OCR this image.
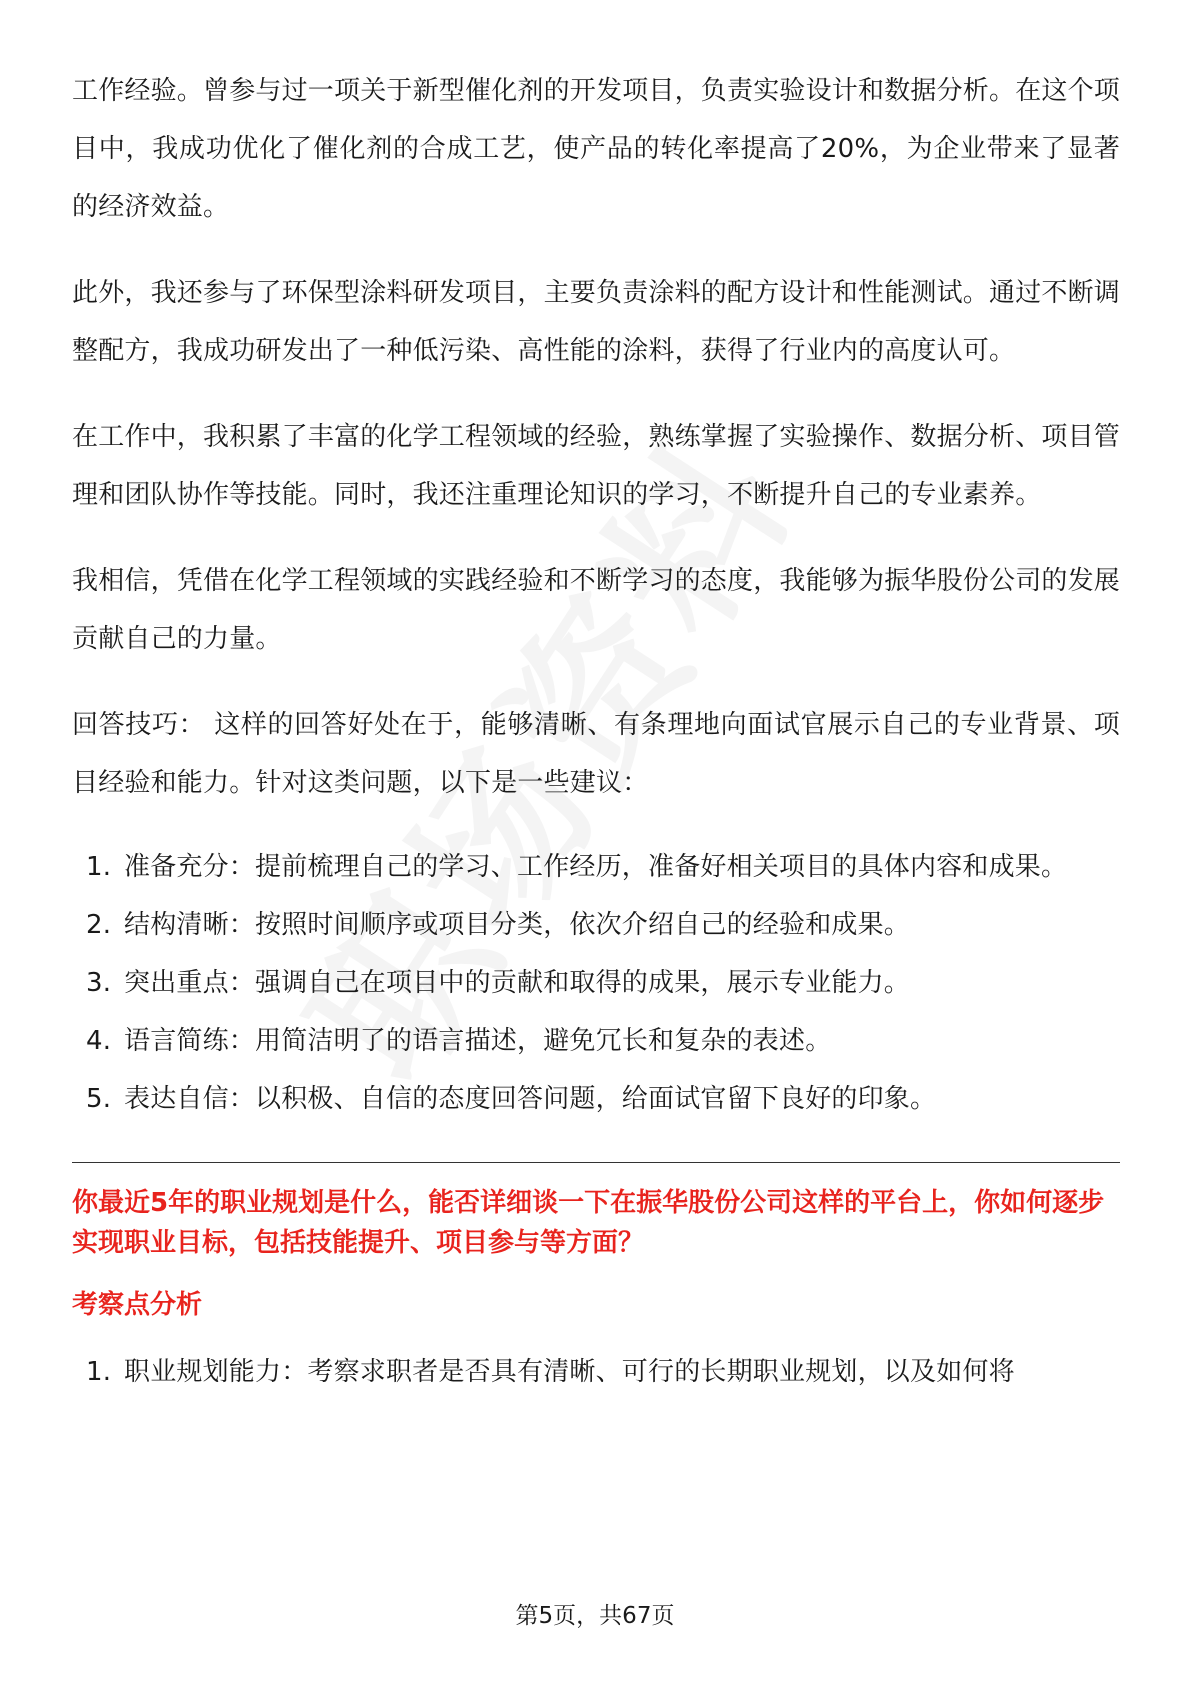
工作经验。曾参与过一项关于新型催化剂的开发项目，负责实验设计和数据分析。在这个项目中，我成功优化了催化剂的合成工艺，使产品的转化率提高了20%，为企业带来了显著的经济效益。

此外，我还参与了环保型涂料研发项目，主要负责涂料的配方设计和性能测试。通过不断调整配方，我成功研发出了一种低污染、高性能的涂料，获得了行业内的高度认可。

在工作中，我积累了丰富的化学工程领域的经验，熟练掌握了实验操作、数据分析、项目管理和团队协作等技能。同时，我还注重理论知识的学习，不断提升自己的专业素养。

我相信，凭借在化学工程领域的实践经验和不断学习的态度，我能够为振华股份公司的发展贡献自己的力量。

回答技巧： 这样的回答好处在于，能够清晰、有条理地向面试官展示自己的专业背景、项目经验和能力。针对这类问题，以下是一些建议：

1. 准备充分：提前梳理自己的学习、工作经历，准备好相关项目的具体内容和成果。
2. 结构清晰：按照时间顺序或项目分类，依次介绍自己的经验和成果。
3. 突出重点：强调自己在项目中的贡献和取得的成果，展示专业能力。
4. 语言简练：用简洁明了的语言描述，避免冗长和复杂的表述。
5. 表达自信：以积极、自信的态度回答问题，给面试官留下良好的印象。

你最近5年的职业规划是什么，能否详细谈一下在振华股份公司这样的平台上，你如何逐步实现职业目标，包括技能提升、项目参与等方面？

考察点分析

1. 职业规划能力：考察求职者是否具有清晰、可行的长期职业规划，以及如何将
第5页，共67页
